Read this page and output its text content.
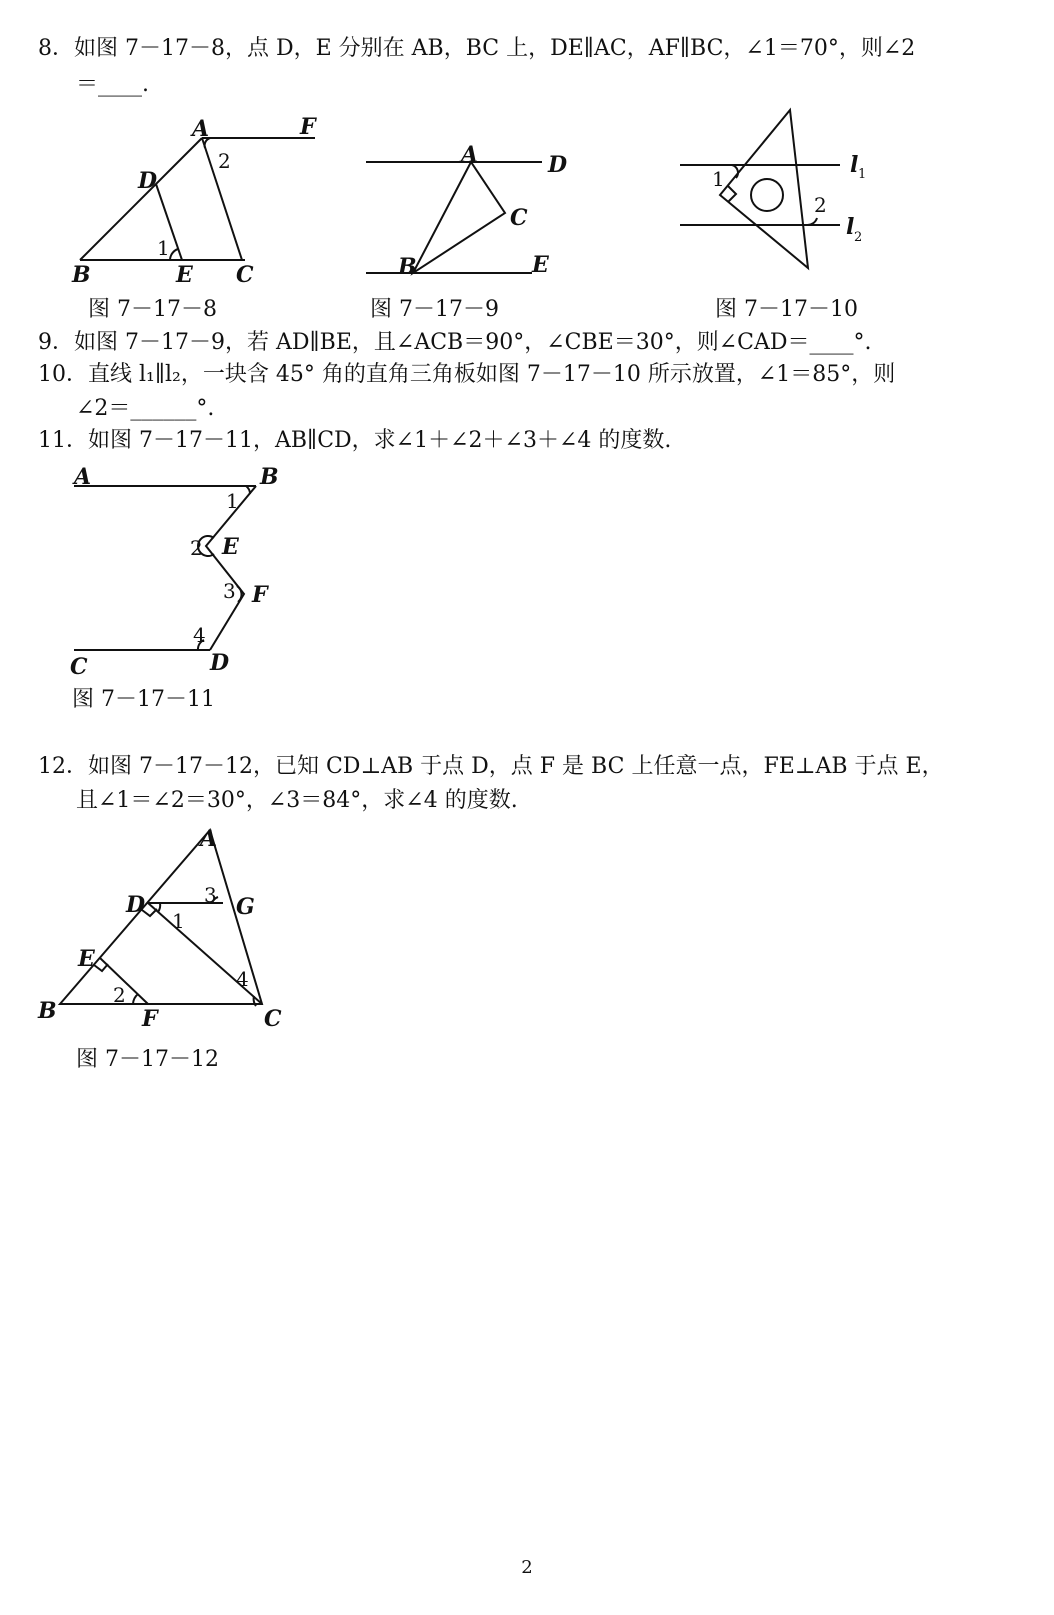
8．如图 7－17－8，点 D，E 分别在 AB，BC 上，DE∥AC，AF∥BC，∠1＝70°，则∠2
＝____.
A	F
D
B	E C
1
2
图 7－17－8
A	D
C
B	E
图 7－17－9
l 1
l 2
1
2
图 7－17－10
9．如图 7－17－9，若 AD∥BE，且∠ACB＝90°，∠CBE＝30°，则∠CAD＝____°.
10．直线 l₁∥l₂，一块含 45° 角的直角三角板如图 7－17－10 所示放置，∠1＝85°，则
∠2＝______°.
11．如图 7－17－11，AB∥CD，求∠1＋∠2＋∠3＋∠4 的度数.
A	B
E
F
C	D
1
2
3
4
图 7－17－11
12．如图 7－17－12，已知 CD⊥AB 于点 D，点 F 是 BC 上任意一点，FE⊥AB 于点 E，
且∠1＝∠2＝30°，∠3＝84°，求∠4 的度数.
A
D	G
E
B	F	C
1
2
3
4
图 7－17－12
2
